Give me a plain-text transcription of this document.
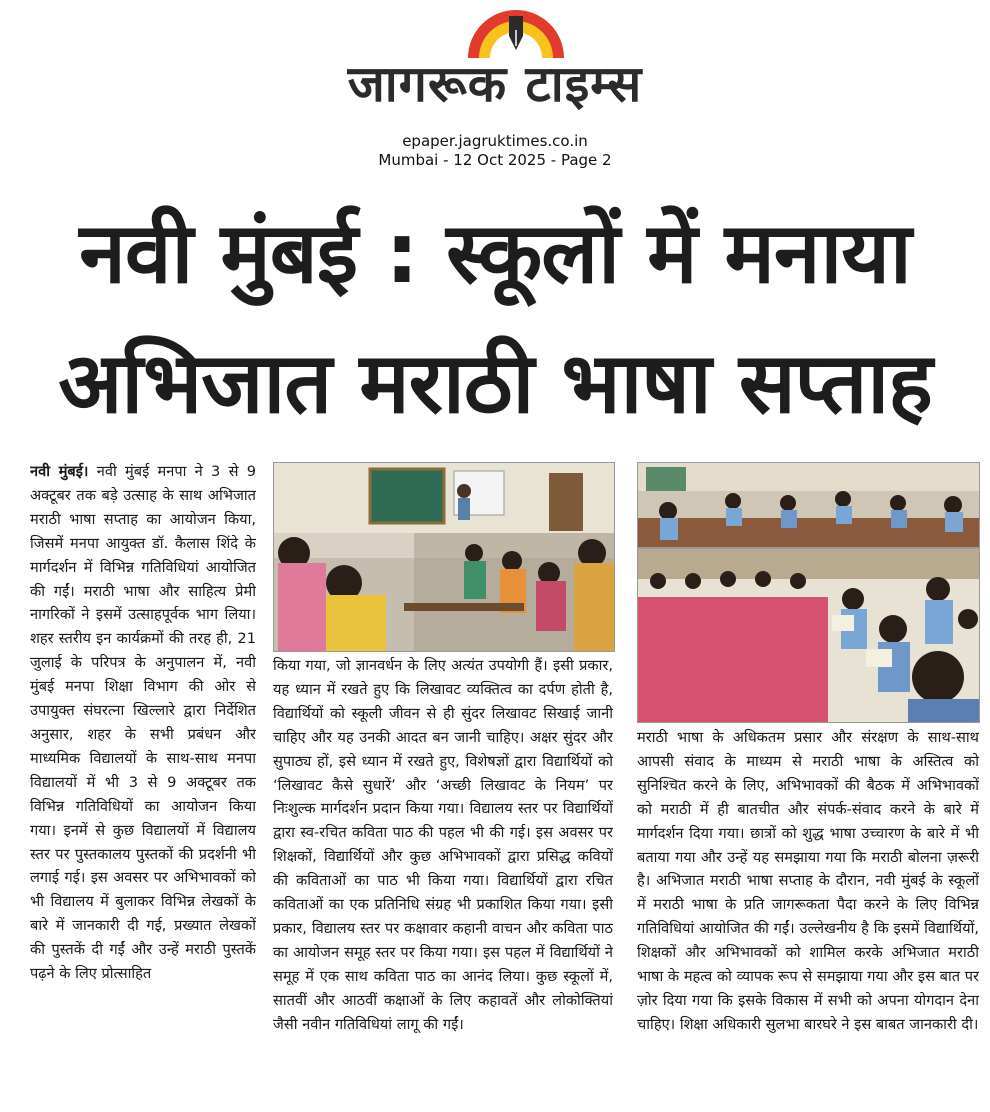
जागरूक टाइम्स
epaper.jagruktimes.co.in
Mumbai - 12 Oct 2025 - Page 2
नवी मुंबई : स्कूलों में मनाया
अभिजात मराठी भाषा सप्ताह

नवी मुंबई। नवी मुंबई मनपा ने 3 से 9 अक्टूबर तक बड़े उत्साह के साथ अभिजात मराठी भाषा सप्ताह का आयोजन किया, जिसमें मनपा आयुक्त डॉ. कैलास शिंदे के मार्गदर्शन में विभिन्न गतिविधियां आयोजित की गईं। मराठी भाषा और साहित्य प्रेमी नागरिकों ने इसमें उत्साहपूर्वक भाग लिया। शहर स्तरीय इन कार्यक्रमों की तरह ही, 21 जुलाई के परिपत्र के अनुपालन में, नवी मुंबई मनपा शिक्षा विभाग की ओर से उपायुक्त संघरत्ना खिल्लारे द्वारा निर्देशित अनुसार, शहर के सभी प्रबंधन और माध्यमिक विद्यालयों के साथ-साथ मनपा विद्यालयों में भी 3 से 9 अक्टूबर तक विभिन्न गतिविधियों का आयोजन किया गया। इनमें से कुछ विद्यालयों में विद्यालय स्तर पर पुस्तकालय पुस्तकों की प्रदर्शनी भी लगाई गई। इस अवसर पर अभिभावकों को भी विद्यालय में बुलाकर विभिन्न लेखकों के बारे में जानकारी दी गई, प्रख्यात लेखकों की पुस्तकें दी गईं और उन्हें मराठी पुस्तकें पढ़ने के लिए प्रोत्साहित

किया गया, जो ज्ञानवर्धन के लिए अत्यंत उपयोगी हैं। इसी प्रकार, यह ध्यान में रखते हुए कि लिखावट व्यक्तित्व का दर्पण होती है, विद्यार्थियों को स्कूली जीवन से ही सुंदर लिखावट सिखाई जानी चाहिए और यह उनकी आदत बन जानी चाहिए। अक्षर सुंदर और सुपाठ्य हों, इसे ध्यान में रखते हुए, विशेषज्ञों द्वारा विद्यार्थियों को ‘लिखावट कैसे सुधारें’ और ‘अच्छी लिखावट के नियम’ पर निःशुल्क मार्गदर्शन प्रदान किया गया। विद्यालय स्तर पर विद्यार्थियों द्वारा स्व-रचित कविता पाठ की पहल भी की गई। इस अवसर पर शिक्षकों, विद्यार्थियों और कुछ अभिभावकों द्वारा प्रसिद्ध कवियों की कविताओं का पाठ भी किया गया। विद्यार्थियों द्वारा रचित कविताओं का एक प्रतिनिधि संग्रह भी प्रकाशित किया गया। इसी प्रकार, विद्यालय स्तर पर कक्षावार कहानी वाचन और कविता पाठ का आयोजन समूह स्तर पर किया गया। इस पहल में विद्यार्थियों ने समूह में एक साथ कविता पाठ का आनंद लिया। कुछ स्कूलों में, सातवीं और आठवीं कक्षाओं के लिए कहावतें और लोकोक्तियां जैसी नवीन गतिविधियां लागू की गईं।

मराठी भाषा के अधिकतम प्रसार और संरक्षण के साथ-साथ आपसी संवाद के माध्यम से मराठी भाषा के अस्तित्व को सुनिश्चित करने के लिए, अभिभावकों की बैठक में अभिभावकों को मराठी में ही बातचीत और संपर्क-संवाद करने के बारे में मार्गदर्शन दिया गया। छात्रों को शुद्ध भाषा उच्चारण के बारे में भी बताया गया और उन्हें यह समझाया गया कि मराठी बोलना ज़रूरी है। अभिजात मराठी भाषा सप्ताह के दौरान, नवी मुंबई के स्कूलों में मराठी भाषा के प्रति जागरूकता पैदा करने के लिए विभिन्न गतिविधियां आयोजित की गईं। उल्लेखनीय है कि इसमें विद्यार्थियों, शिक्षकों और अभिभावकों को शामिल करके अभिजात मराठी भाषा के महत्व को व्यापक रूप से समझाया गया और इस बात पर ज़ोर दिया गया कि इसके विकास में सभी को अपना योगदान देना चाहिए। शिक्षा अधिकारी सुलभा बारघरे ने इस बाबत जानकारी दी।
